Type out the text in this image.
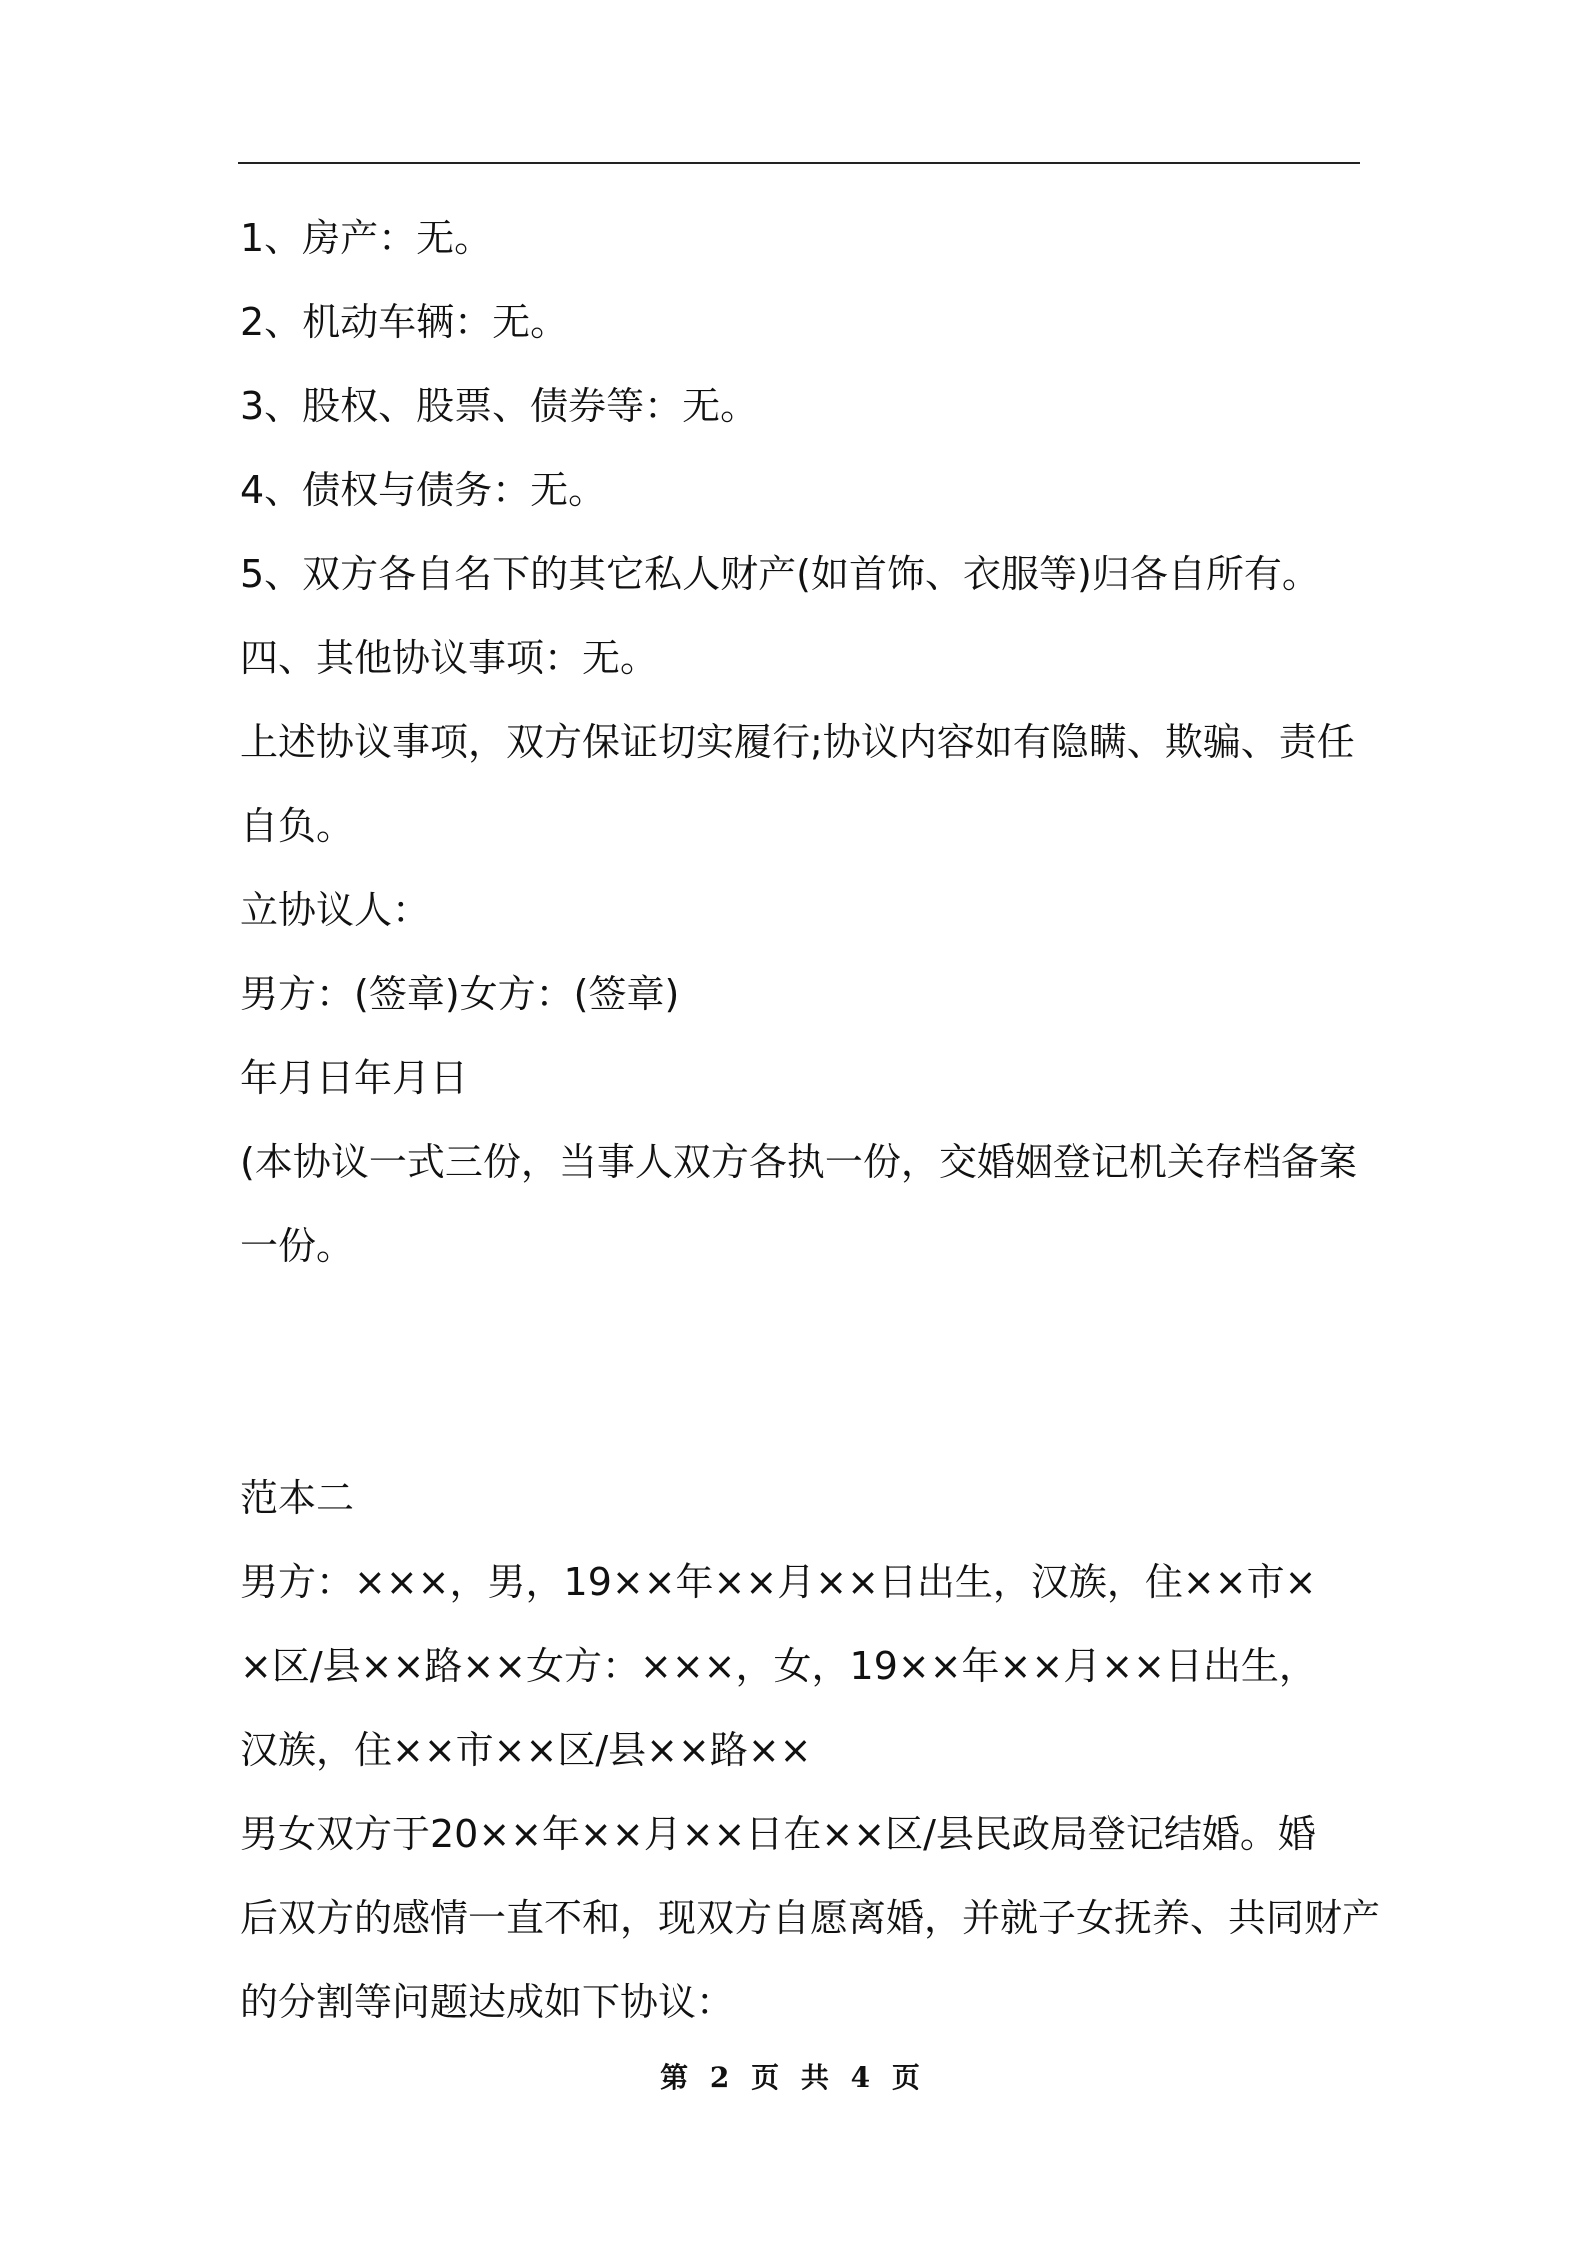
1、房产：无。
2、机动车辆：无。
3、股权、股票、债券等：无。
4、债权与债务：无。
5、双方各自名下的其它私人财产(如首饰、衣服等)归各自所有。
四、其他协议事项：无。
上述协议事项，双方保证切实履行;协议内容如有隐瞒、欺骗、责任
自负。
立协议人：
男方：(签章)女方：(签章)
年月日年月日
(本协议一式三份，当事人双方各执一份，交婚姻登记机关存档备案
一份。
范本二
男方：×××，男，19××年××月××日出生，汉族，住××市×
×区/县××路××女方：×××，女，19××年××月××日出生，
汉族，住××市××区/县××路××
男女双方于20××年××月××日在××区/县民政局登记结婚。婚
后双方的感情一直不和，现双方自愿离婚，并就子女抚养、共同财产
的分割等问题达成如下协议：
第 2 页 共 4 页
